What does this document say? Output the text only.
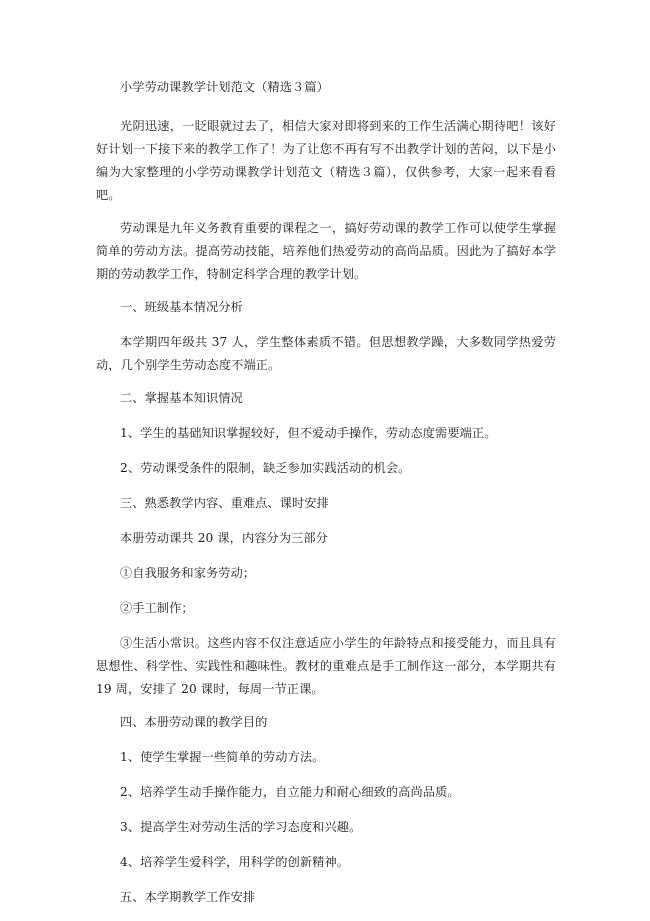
小学劳动课教学计划范文（精选３篇）

光阴迅速，一眨眼就过去了，相信大家对即将到来的工作生活满心期待吧！该好好计划一下接下来的教学工作了！为了让您不再有写不出教学计划的苦闷，以下是小编为大家整理的小学劳动课教学计划范文（精选３篇），仅供参考，大家一起来看看吧。

劳动课是九年义务教育重要的课程之一，搞好劳动课的教学工作可以使学生掌握简单的劳动方法。提高劳动技能，培养他们热爱劳动的高尚品质。因此为了搞好本学期的劳动教学工作，特制定科学合理的教学计划。

一、班级基本情况分析

本学期四年级共 37 人，学生整体素质不错。但思想教学躁，大多数同学热爱劳动，几个别学生劳动态度不端正。

二、掌握基本知识情况

1、学生的基础知识掌握较好，但不爱动手操作，劳动态度需要端正。

2、劳动课受条件的限制，缺乏参加实践活动的机会。

三、熟悉教学内容、重难点、课时安排

本册劳动课共 20 课，内容分为三部分

①自我服务和家务劳动；

②手工制作；

③生活小常识。这些内容不仅注意适应小学生的年龄特点和接受能力，而且具有思想性、科学性、实践性和趣味性。教材的重难点是手工制作这一部分，本学期共有 19 周，安排了 20 课时，每周一节正课。

四、本册劳动课的教学目的

1、使学生掌握一些简单的劳动方法。

2、培养学生动手操作能力，自立能力和耐心细致的高尚品质。

3、提高学生对劳动生活的学习态度和兴趣。

4、培养学生爱科学，用科学的创新精神。

五、本学期教学工作安排
